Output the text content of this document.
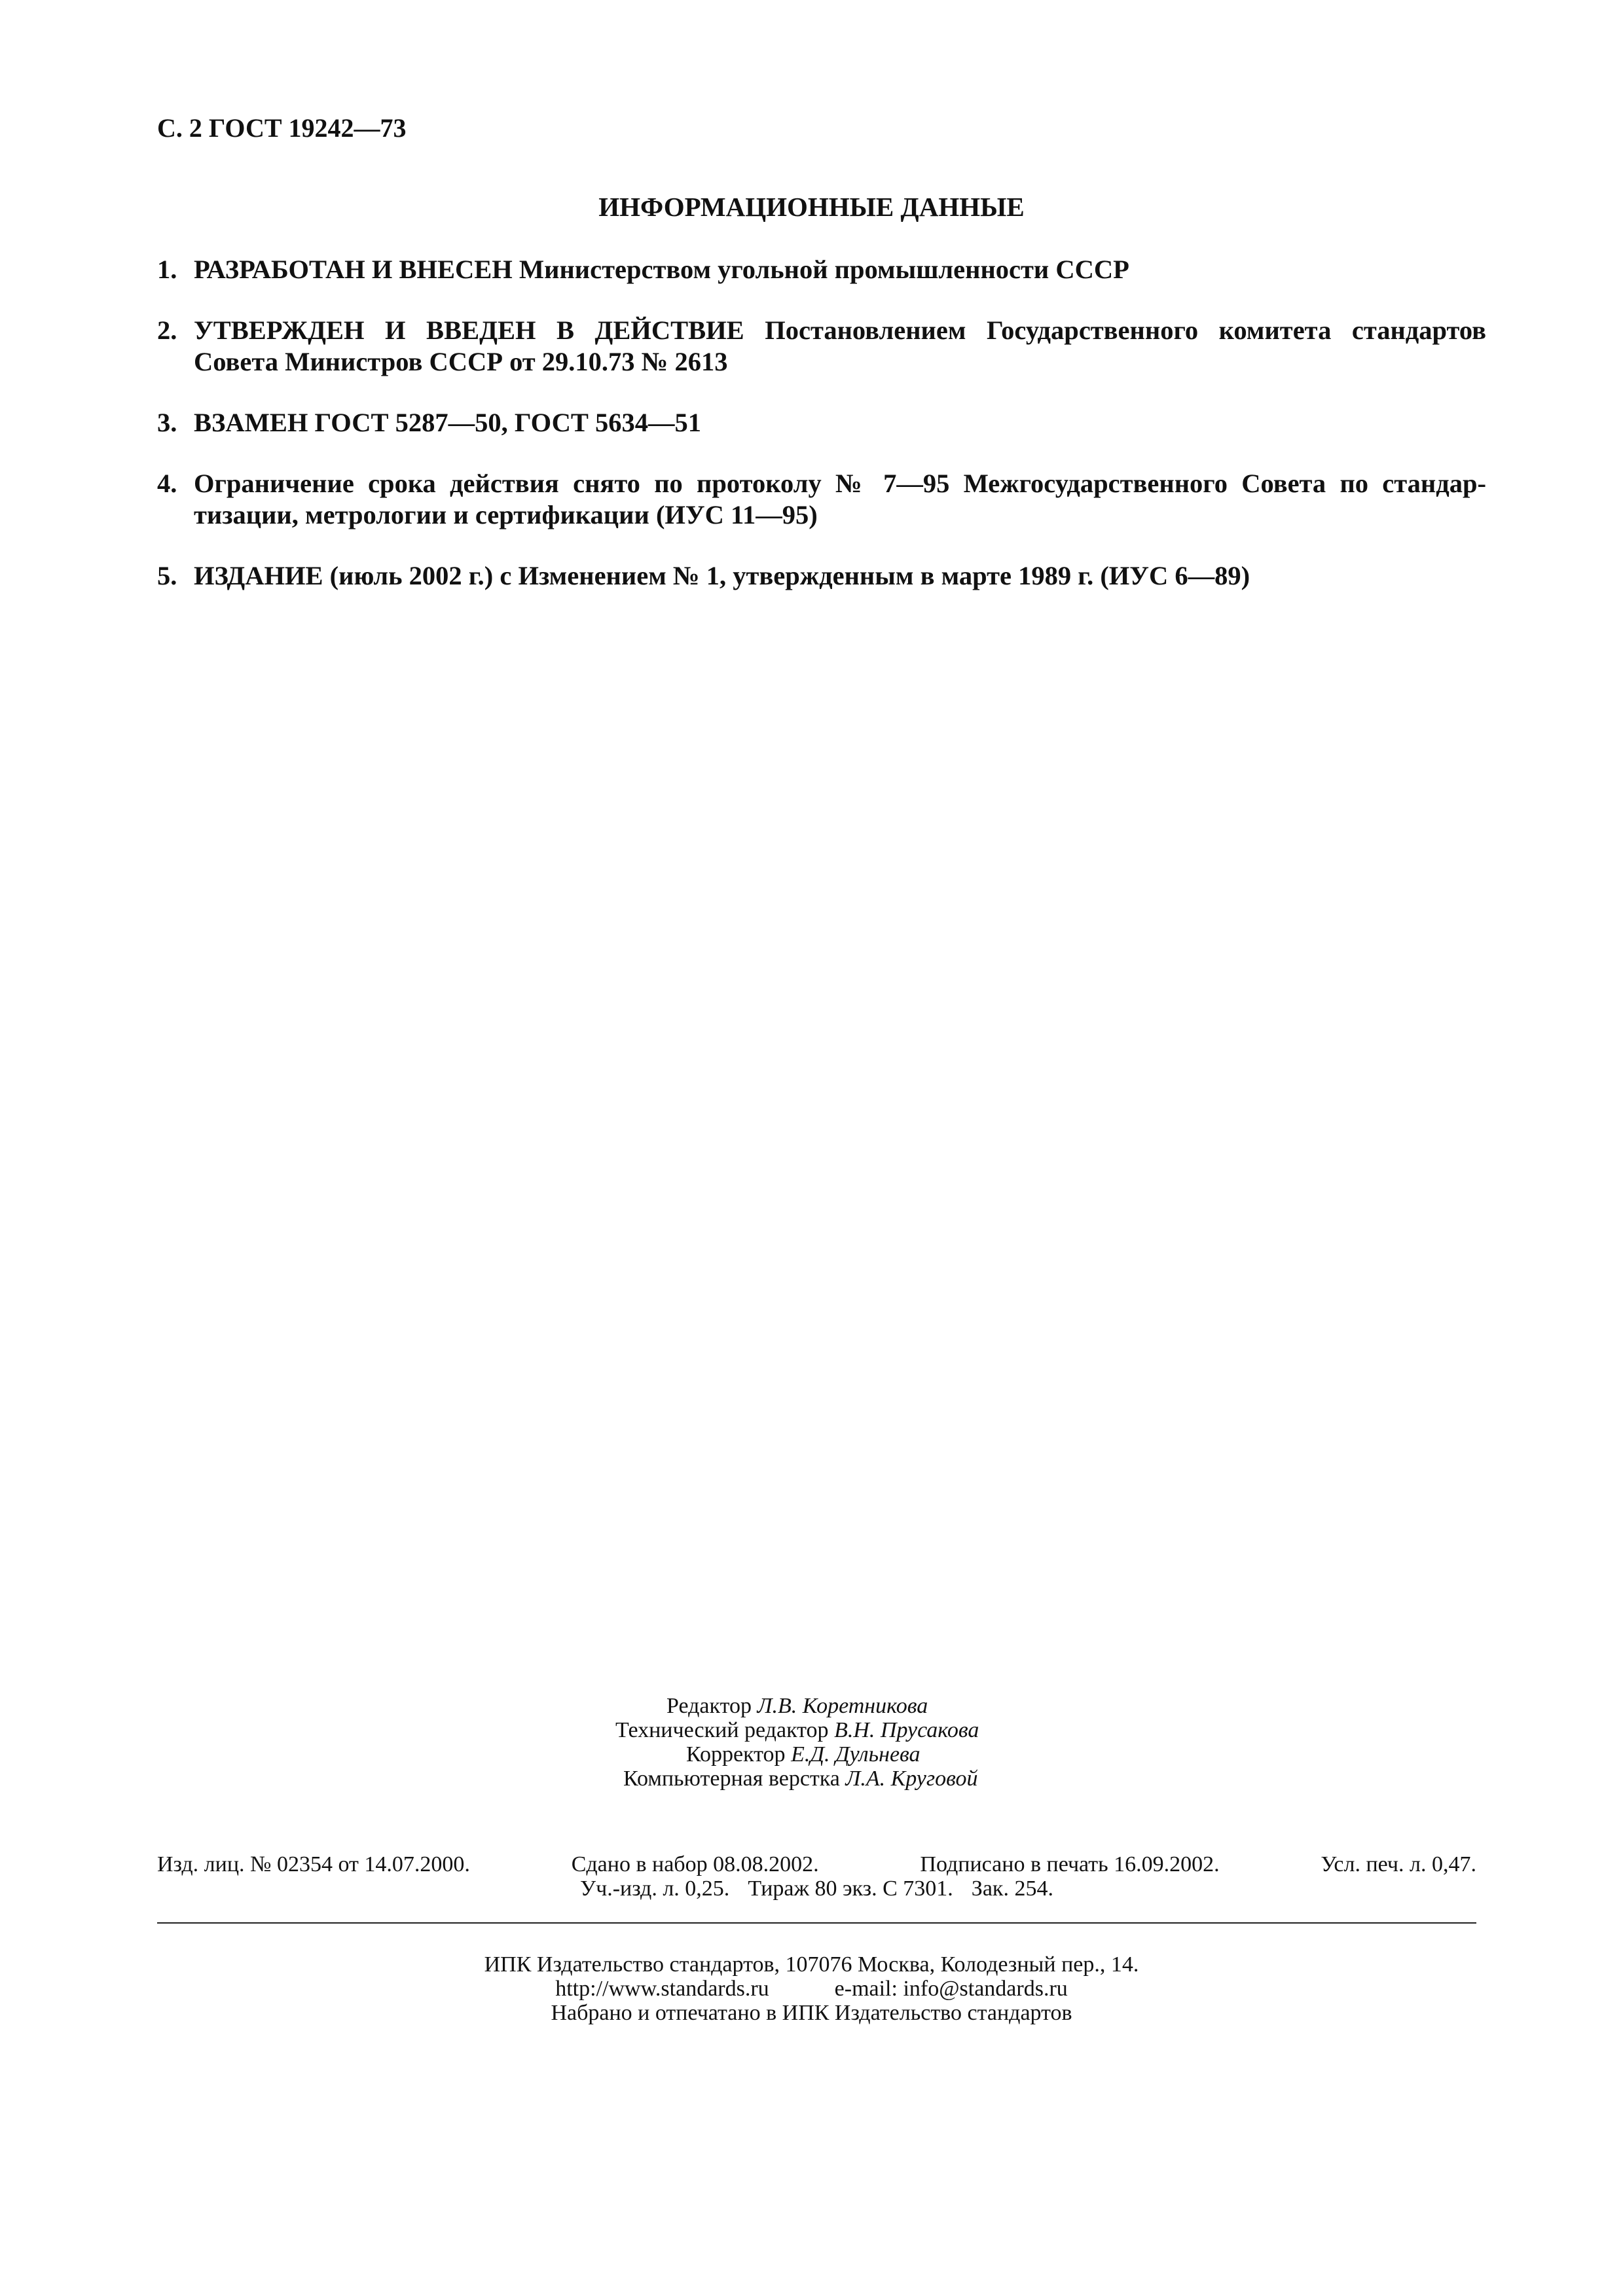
С. 2 ГОСТ 19242—73
ИНФОРМАЦИОННЫЕ ДАННЫЕ
1. РАЗРАБОТАН И ВНЕСЕН Министерством угольной промышленности СССР
2. УТВЕРЖДЕН И ВВЕДЕН В ДЕЙСТВИЕ Постановлением Государственного комитета стандартов
Совета Министров СССР от 29.10.73 № 2613
3. ВЗАМЕН ГОСТ 5287—50, ГОСТ 5634—51
4. Ограничение срока действия снято по протоколу № 7—95 Межгосударственного Совета по стандар-
тизации, метрологии и сертификации (ИУС 11—95)
5. ИЗДАНИЕ (июль 2002 г.) с Изменением № 1, утвержденным в марте 1989 г. (ИУС 6—89)
Редактор Л.В. Коретникова
Технический редактор В.Н. Прусакова
Корректор Е.Д. Дульнева
Компьютерная верстка Л.А. Круговой
Изд. лиц. № 02354 от 14.07.2000.	Сдано в набор 08.08.2002.	Подписано в печать 16.09.2002.	Усл. печ. л. 0,47.
Уч.-изд. л. 0,25. Тираж 80 экз. С 7301. Зак. 254.
ИПК Издательство стандартов, 107076 Москва, Колодезный пер., 14.
http://www.standards.ru	e-mail: info@standards.ru
Набрано и отпечатано в ИПК Издательство стандартов
